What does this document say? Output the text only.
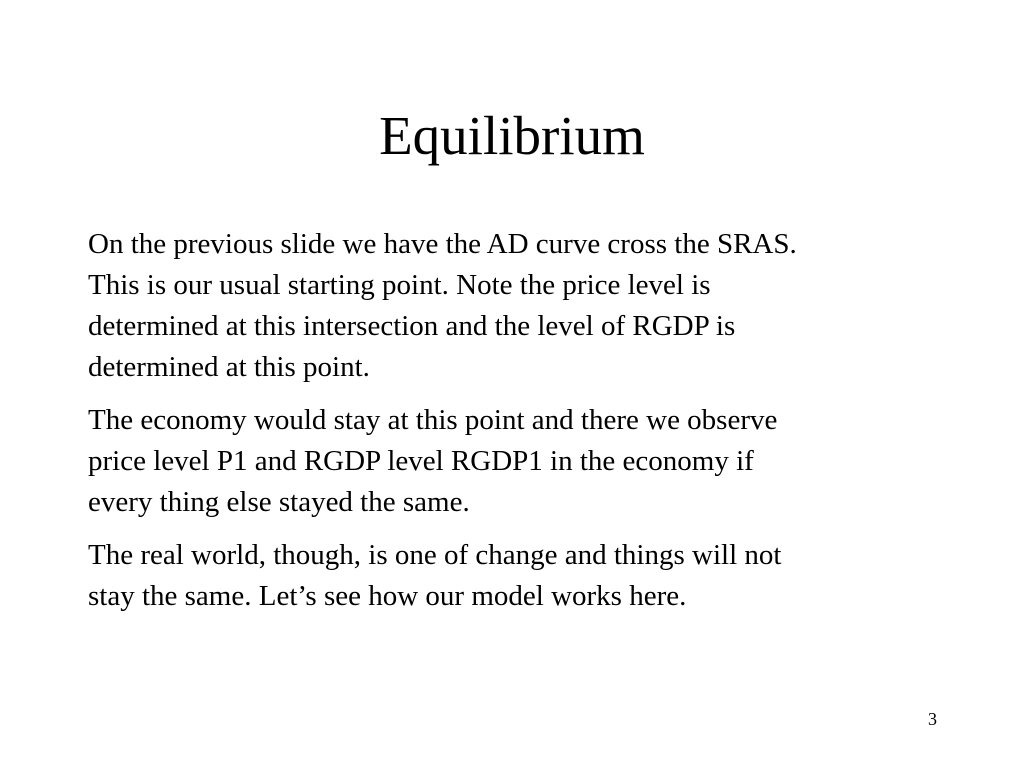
Equilibrium

On the previous slide we have the AD curve cross the SRAS.
This is our usual starting point. Note the price level is
determined at this intersection and the level of RGDP is
determined at this point.

The economy would stay at this point and there we observe
price level P1 and RGDP level RGDP1 in the economy if
every thing else stayed the same.

The real world, though, is one of change and things will not
stay the same. Let’s see how our model works here.

3
